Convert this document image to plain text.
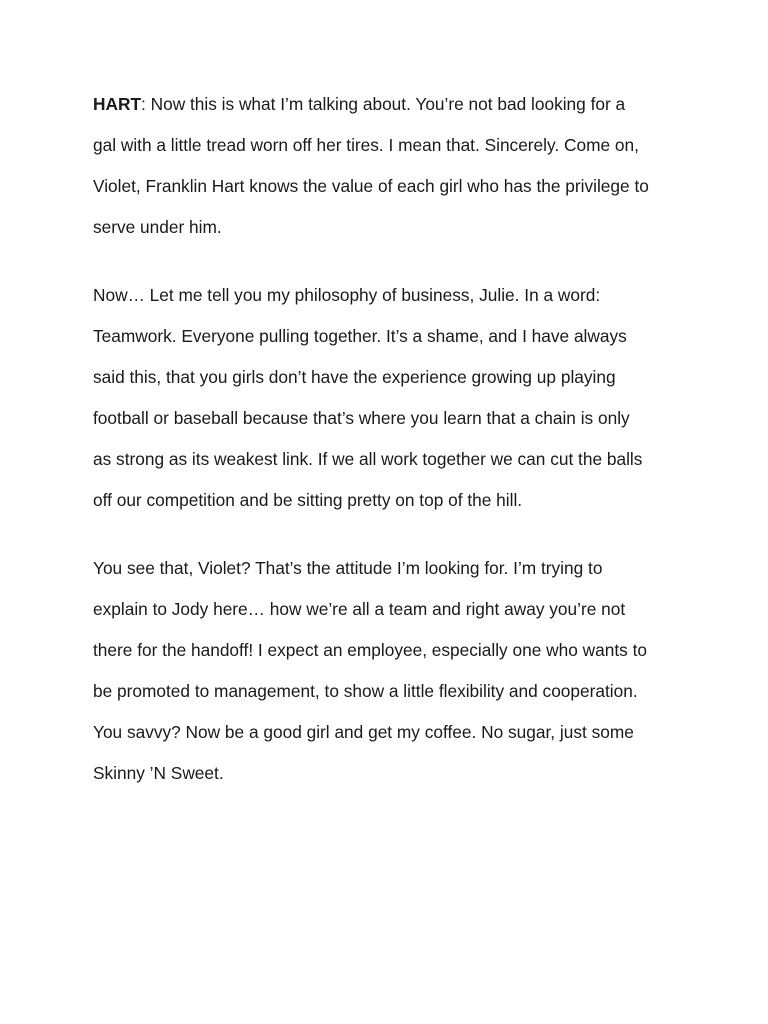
HART: Now this is what I’m talking about. You’re not bad looking for a
gal with a little tread worn off her tires. I mean that. Sincerely. Come on,
Violet, Franklin Hart knows the value of each girl who has the privilege to
serve under him.

Now… Let me tell you my philosophy of business, Julie. In a word:
Teamwork. Everyone pulling together. It’s a shame, and I have always
said this, that you girls don’t have the experience growing up playing
football or baseball because that’s where you learn that a chain is only
as strong as its weakest link. If we all work together we can cut the balls
off our competition and be sitting pretty on top of the hill.

You see that, Violet? That’s the attitude I’m looking for. I’m trying to
explain to Jody here… how we’re all a team and right away you’re not
there for the handoff! I expect an employee, especially one who wants to
be promoted to management, to show a little flexibility and cooperation.
You savvy? Now be a good girl and get my coffee. No sugar, just some
Skinny ’N Sweet.
